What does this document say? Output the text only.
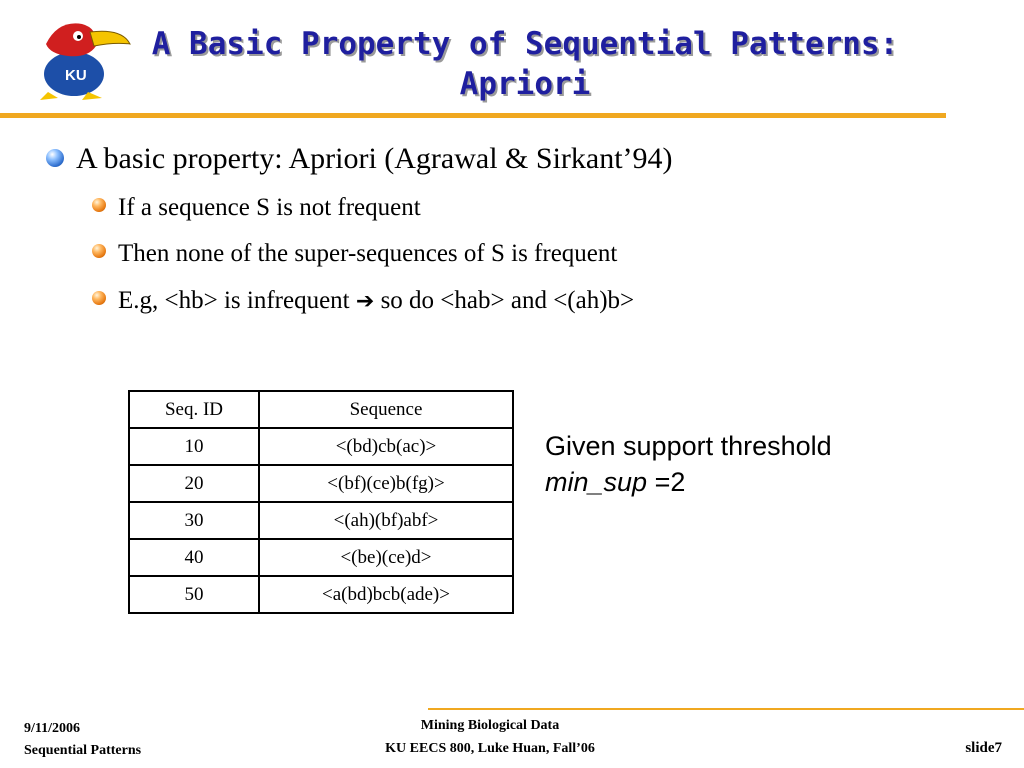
KU
A Basic Property of Sequential Patterns:
Apriori
A basic property: Apriori (Agrawal & Sirkant’94)
If a sequence S is not frequent
Then none of the super-sequences of S is frequent
E.g, <hb> is infrequent ➔ so do <hab> and <(ah)b>
Seq. ID	Sequence
10	<(bd)cb(ac)>
20	<(bf)(ce)b(fg)>
30	<(ah)(bf)abf>
40	<(be)(ce)d>
50	<a(bd)bcb(ade)>
Given support threshold
min_sup =2
9/11/2006
Sequential Patterns
Mining Biological Data
KU EECS 800, Luke Huan, Fall’06	slide7
